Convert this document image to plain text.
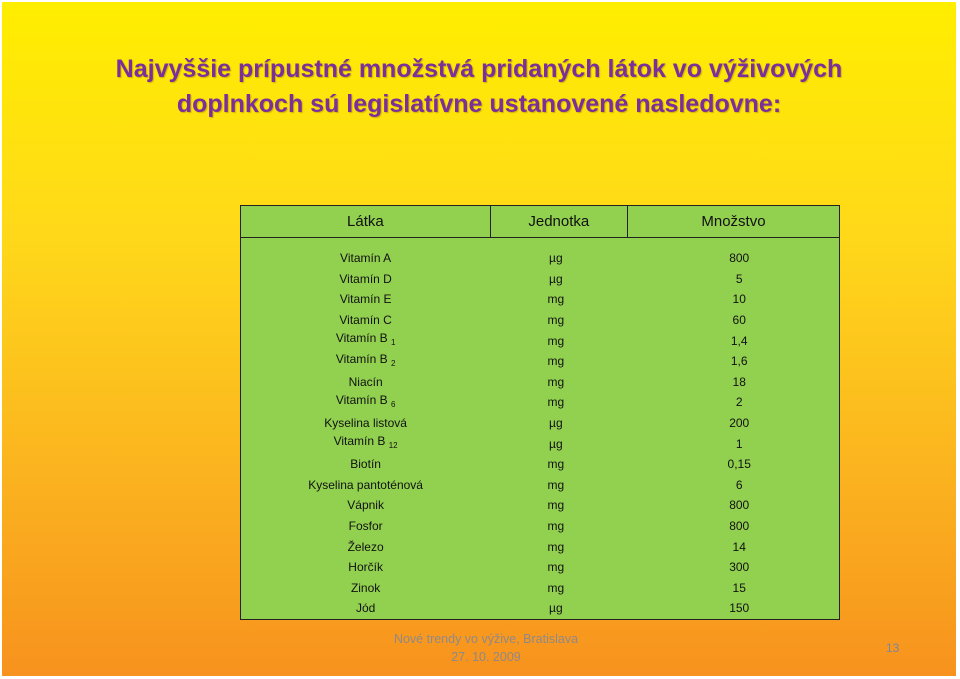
Najvyššie prípustné množstvá pridaných látok vo výživových
doplnkoch sú legislatívne ustanovené nasledovne:
Látka	Jednotka	Množstvo

Vitamín A	µg	800
Vitamín D	µg	5
Vitamín E	mg	10
Vitamín C	mg	60
Vitamín B $_1$	mg	1,4
Vitamín B $_2$	mg	1,6
Niacín	mg	18
Vitamín B $_6$	mg	2
Kyselina listová	µg	200
Vitamín B $_{12}$	µg	1
Biotín	mg	0,15
Kyselina pantoténová	mg	6
Vápnik	mg	800
Fosfor	mg	800
Železo	mg	14
Horčík	mg	300
Zinok	mg	15
Jód	µg	150
Nové trendy vo výžive, Bratislava
27. 10. 2009
13
